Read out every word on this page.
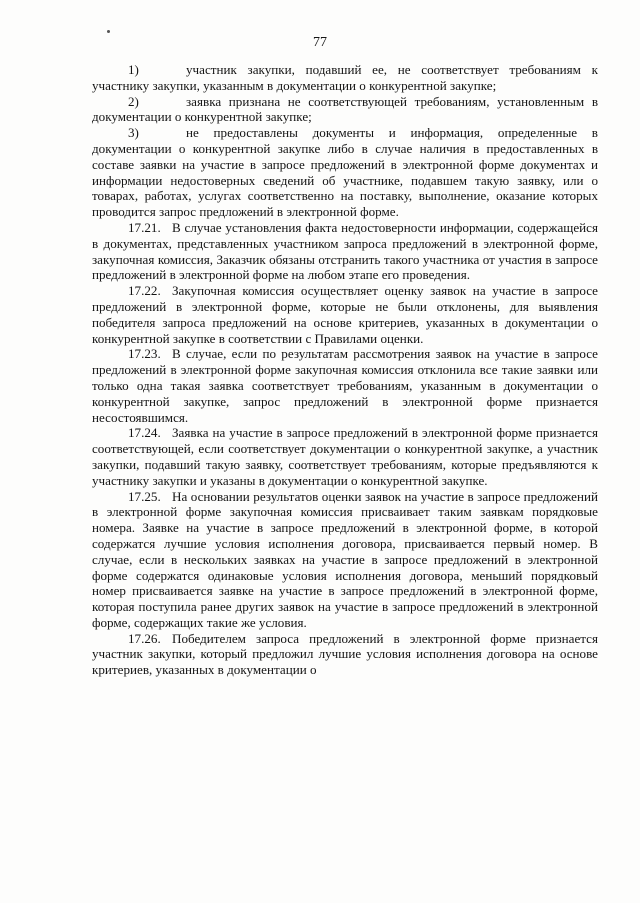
77

1)	участник закупки, подавший ее, не соответствует требованиям к участнику закупки, указанным в документации о конкурентной закупке;

2)	заявка признана не соответствующей требованиям, установленным в документации о конкурентной закупке;

3)	не предоставлены документы и информация, определенные в документации о конкурентной закупке либо в случае наличия в предоставленных в составе заявки на участие в запросе предложений в электронной форме документах и информации недостоверных сведений об участнике, подавшем такую заявку, или о товарах, работах, услугах соответственно на поставку, выполнение, оказание которых проводится запрос предложений в электронной форме.

17.21. В случае установления факта недостоверности информации, содержащейся в документах, представленных участником запроса предложений в электронной форме, закупочная комиссия, Заказчик обязаны отстранить такого участника от участия в запросе предложений в электронной форме на любом этапе его проведения.

17.22. Закупочная комиссия осуществляет оценку заявок на участие в запросе предложений в электронной форме, которые не были отклонены, для выявления победителя запроса предложений на основе критериев, указанных в документации о конкурентной закупке в соответствии с Правилами оценки.

17.23. В случае, если по результатам рассмотрения заявок на участие в запросе предложений в электронной форме закупочная комиссия отклонила все такие заявки или только одна такая заявка соответствует требованиям, указанным в документации о конкурентной закупке, запрос предложений в электронной форме признается несостоявшимся.

17.24. Заявка на участие в запросе предложений в электронной форме признается соответствующей, если соответствует документации о конкурентной закупке, а участник закупки, подавший такую заявку, соответствует требованиям, которые предъявляются к участнику закупки и указаны в документации о конкурентной закупке.

17.25. На основании результатов оценки заявок на участие в запросе предложений в электронной форме закупочная комиссия присваивает таким заявкам порядковые номера. Заявке на участие в запросе предложений в электронной форме, в которой содержатся лучшие условия исполнения договора, присваивается первый номер. В случае, если в нескольких заявках на участие в запросе предложений в электронной форме содержатся одинаковые условия исполнения договора, меньший порядковый номер присваивается заявке на участие в запросе предложений в электронной форме, которая поступила ранее других заявок на участие в запросе предложений в электронной форме, содержащих такие же условия.

17.26. Победителем запроса предложений в электронной форме признается участник закупки, который предложил лучшие условия исполнения договора на основе критериев, указанных в документации о
